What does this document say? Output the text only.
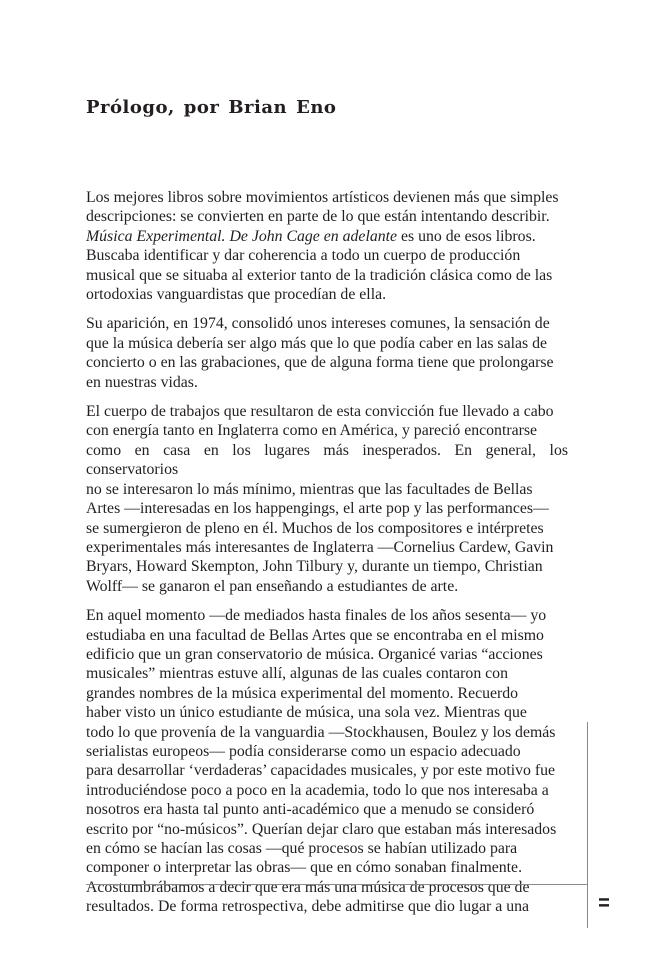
Prólogo, por Brian Eno

Los mejores libros sobre movimientos artísticos devienen más que simples
descripciones: se convierten en parte de lo que están intentando describir.
Música Experimental. De John Cage en adelante es uno de esos libros.
Buscaba identificar y dar coherencia a todo un cuerpo de producción
musical que se situaba al exterior tanto de la tradición clásica como de las
ortodoxias vanguardistas que procedían de ella.

Su aparición, en 1974, consolidó unos intereses comunes, la sensación de
que la música debería ser algo más que lo que podía caber en las salas de
concierto o en las grabaciones, que de alguna forma tiene que prolongarse
en nuestras vidas.

El cuerpo de trabajos que resultaron de esta convicción fue llevado a cabo
con energía tanto en Inglaterra como en América, y pareció encontrarse
como en casa en los lugares más inesperados. En general, los conservatorios
no se interesaron lo más mínimo, mientras que las facultades de Bellas
Artes —interesadas en los happengings, el arte pop y las performances—
se sumergieron de pleno en él. Muchos de los compositores e intérpretes
experimentales más interesantes de Inglaterra —Cornelius Cardew, Gavin
Bryars, Howard Skempton, John Tilbury y, durante un tiempo, Christian
Wolff— se ganaron el pan enseñando a estudiantes de arte.

En aquel momento —de mediados hasta finales de los años sesenta— yo
estudiaba en una facultad de Bellas Artes que se encontraba en el mismo
edificio que un gran conservatorio de música. Organicé varias “acciones
musicales” mientras estuve allí, algunas de las cuales contaron con
grandes nombres de la música experimental del momento. Recuerdo
haber visto un único estudiante de música, una sola vez. Mientras que
todo lo que provenía de la vanguardia —Stockhausen, Boulez y los demás
serialistas europeos— podía considerarse como un espacio adecuado
para desarrollar ‘verdaderas’ capacidades musicales, y por este motivo fue
introduciéndose poco a poco en la academia, todo lo que nos interesaba a
nosotros era hasta tal punto anti-académico que a menudo se consideró
escrito por “no-músicos”. Querían dejar claro que estaban más interesados
en cómo se hacían las cosas —qué procesos se habían utilizado para
componer o interpretar las obras— que en cómo sonaban finalmente.
Acostumbrábamos a decir que era más una música de procesos que de
resultados. De forma retrospectiva, debe admitirse que dio lugar a una	II
